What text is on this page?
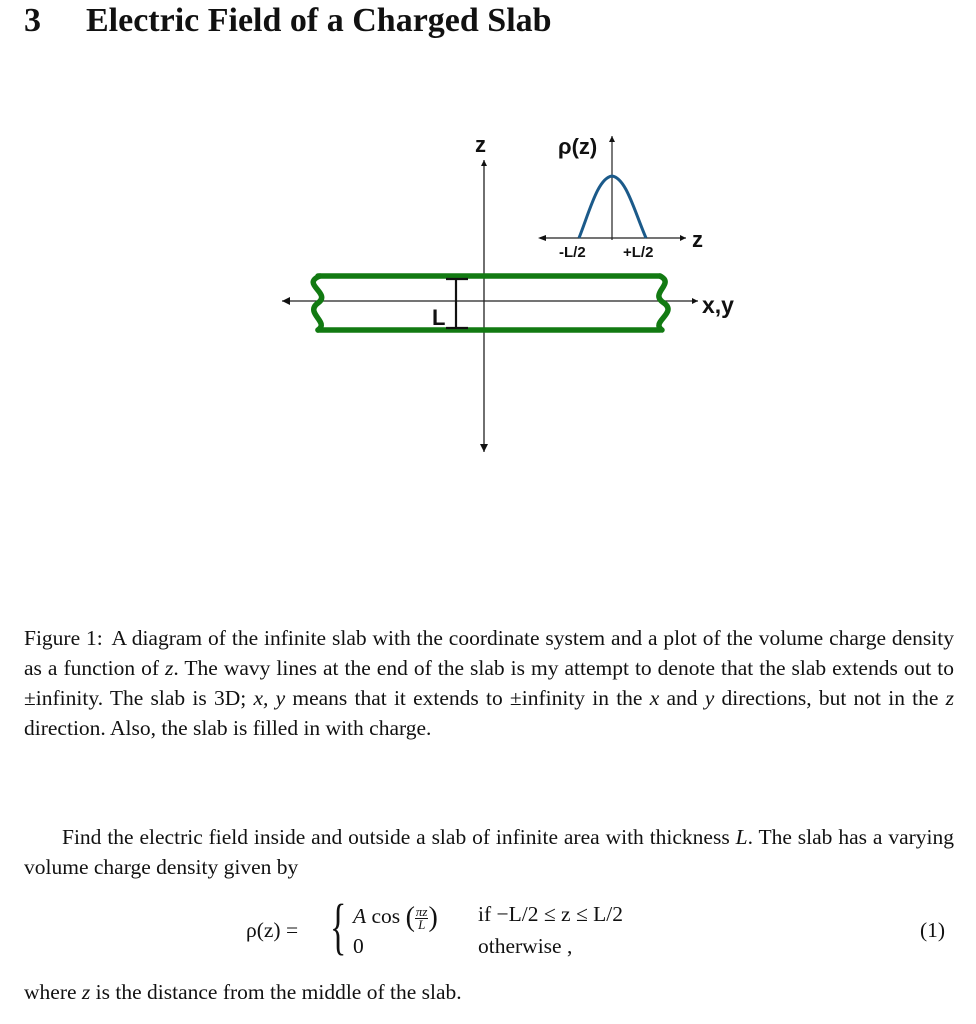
3 Electric Field of a Charged Slab
L
z
x,y
ρ(z)
z
-L/2 +L/2
Figure 1: A diagram of the infinite slab with the coordinate system and a plot of the volume charge density as a function of z. The wavy lines at the end of the slab is my attempt to denote that the slab extends out to ±infinity. The slab is 3D; x, y means that it extends to ±infinity in the x and y directions, but not in the z direction. Also, the slab is filled in with charge.
Find the electric field inside and outside a slab of infinite area with thickness L. The slab has a varying volume charge density given by
ρ(z) = { A cos ( $\frac{\pi z}{L}$ )
0
if −L/2 ≤ z ≤ L/2
otherwise ,
(1)
where z is the distance from the middle of the slab.
